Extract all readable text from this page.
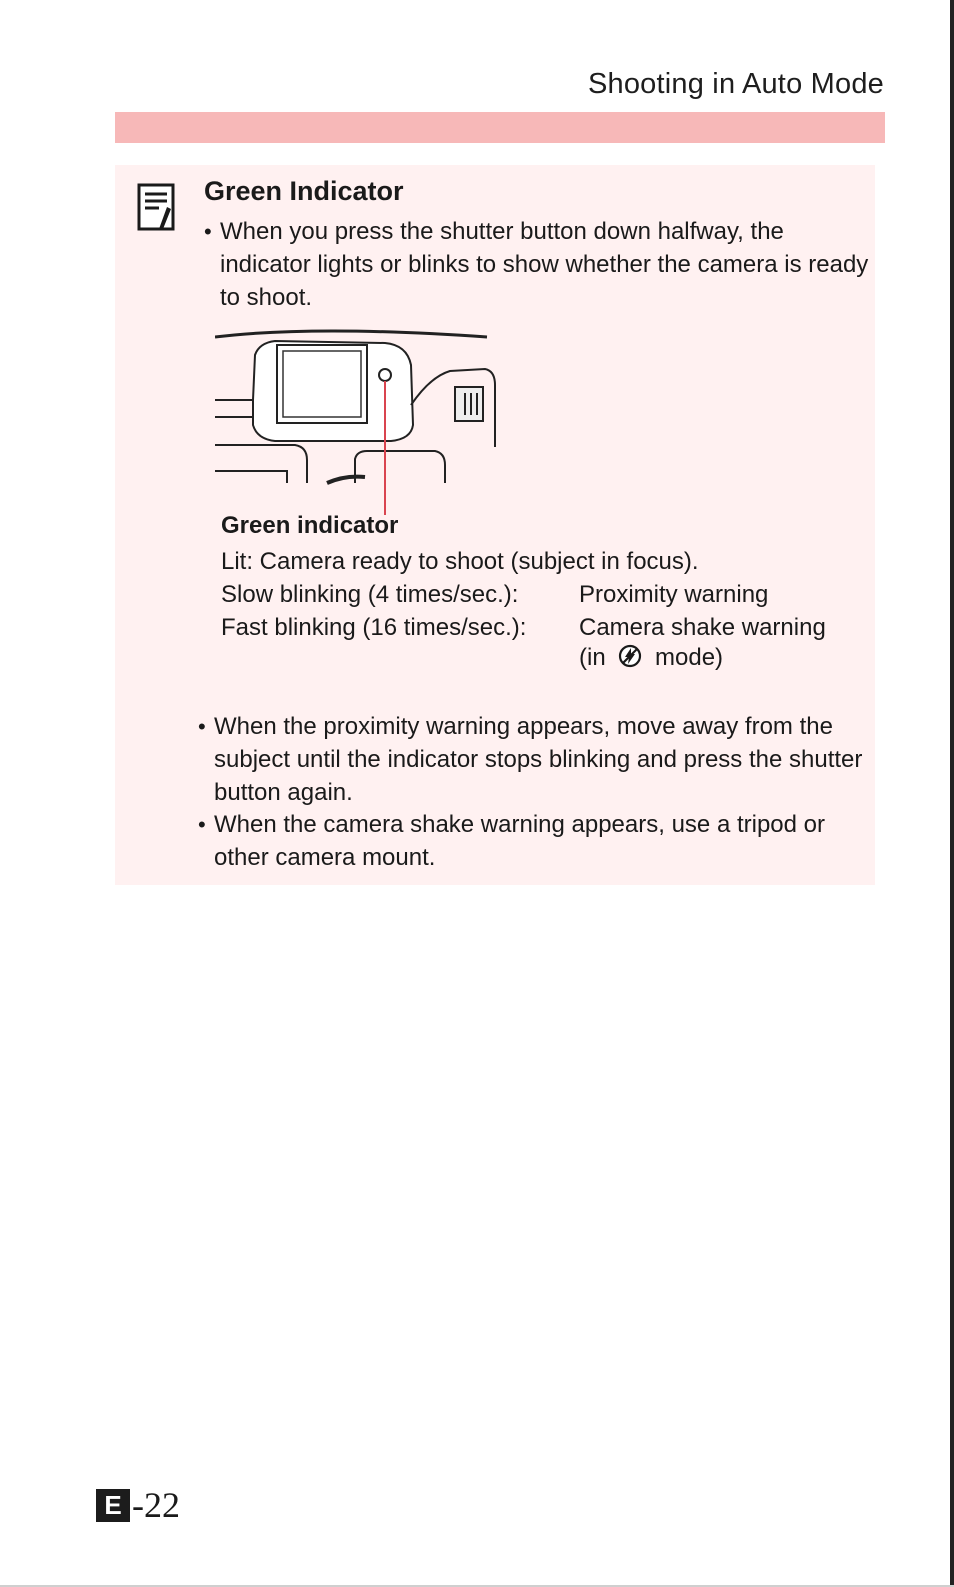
Shooting in Auto Mode
Green Indicator
• When you press the shutter button down halfway, the indicator lights or blinks to show whether the camera is ready to shoot.
Green indicator
Lit: Camera ready to shoot (subject in focus).
Slow blinking (4 times/sec.):	Proximity warning
Fast blinking (16 times/sec.): Camera shake warning
(in mode)
• When the proximity warning appears, move away from the subject until the indicator stops blinking and press the shutter button again.
• When the camera shake warning appears, use a tripod or other camera mount.
E -22
